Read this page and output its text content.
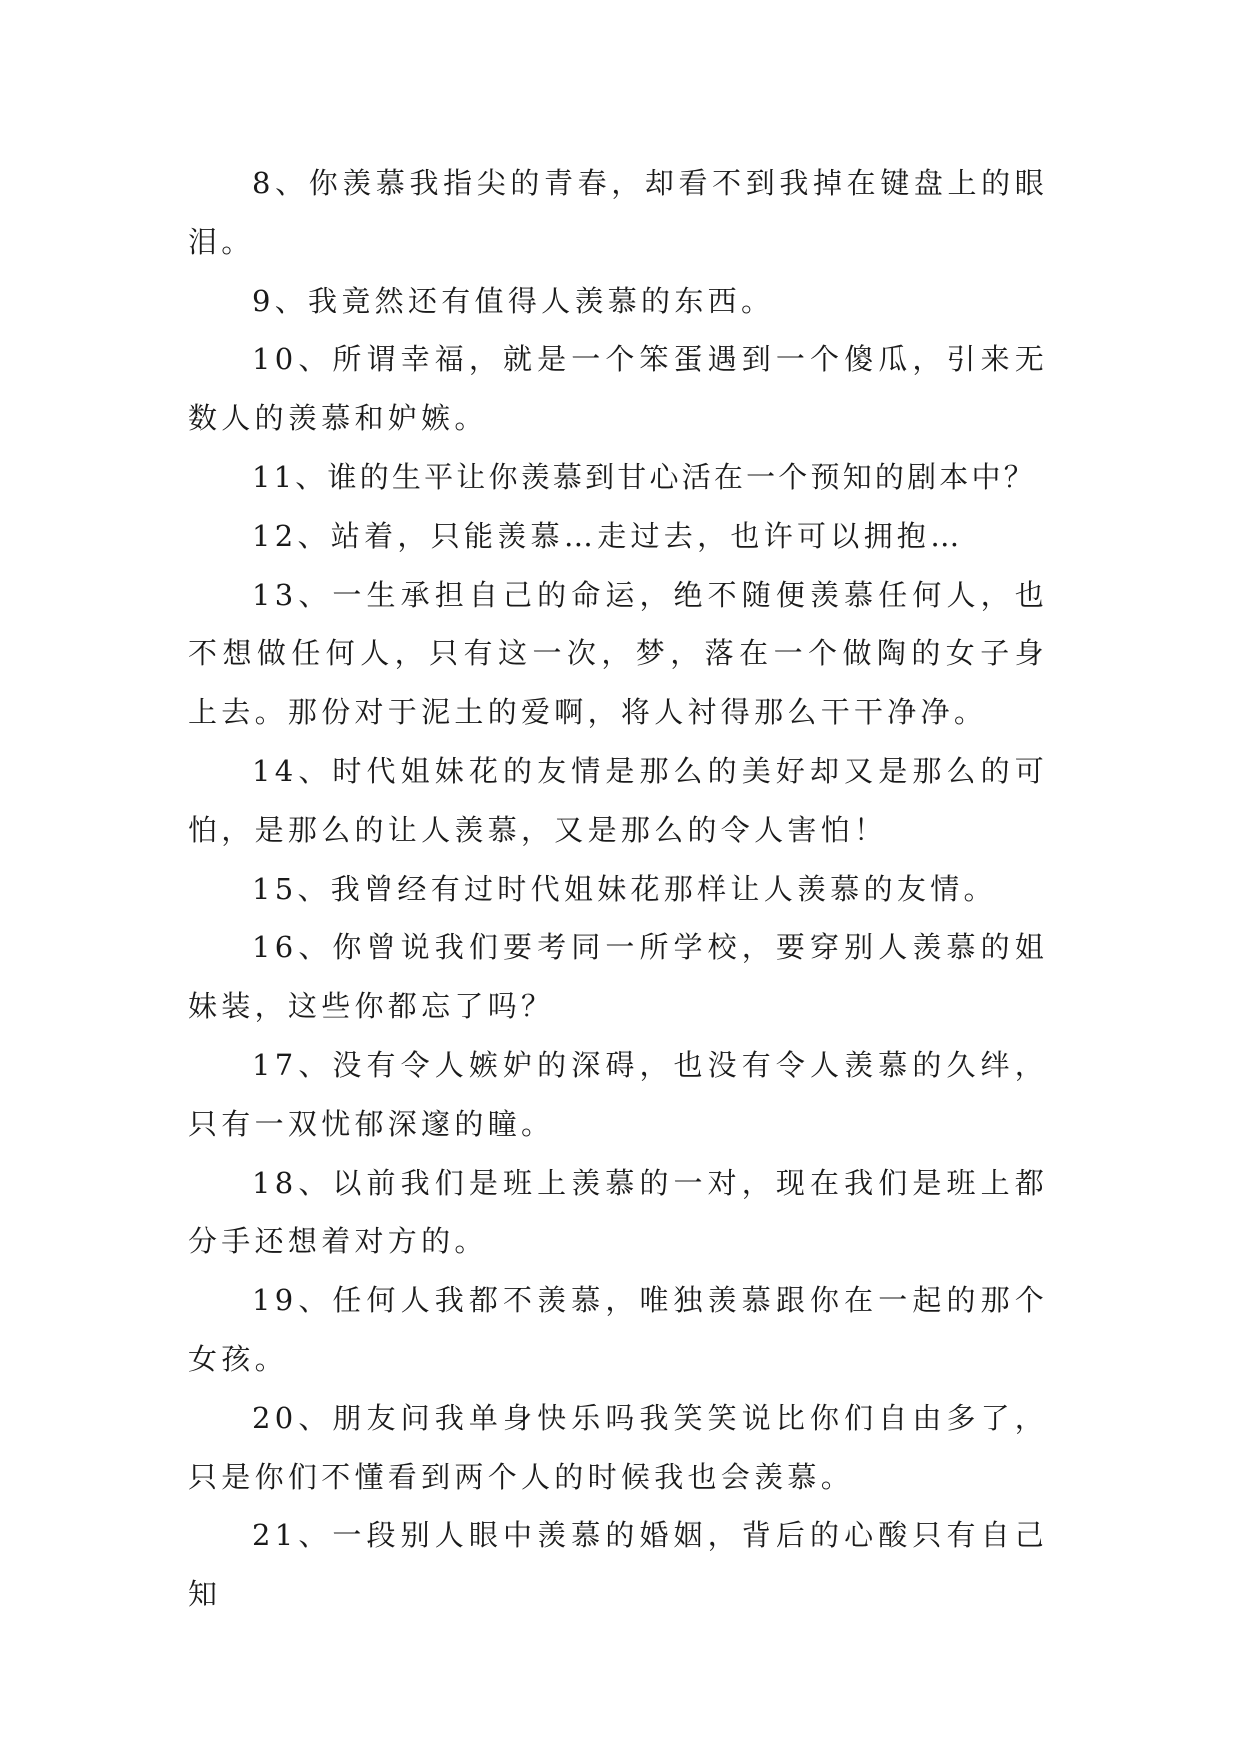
8、你羡慕我指尖的青春，却看不到我掉在键盘上的眼泪。

9、我竟然还有值得人羡慕的东西。

10、所谓幸福，就是一个笨蛋遇到一个傻瓜，引来无数人的羡慕和妒嫉。

11、谁的生平让你羡慕到甘心活在一个预知的剧本中？

12、站着，只能羡慕…走过去，也许可以拥抱…

13、一生承担自己的命运，绝不随便羡慕任何人，也不想做任何人，只有这一次，梦，落在一个做陶的女子身上去。那份对于泥土的爱啊，将人衬得那么干干净净。

14、时代姐妹花的友情是那么的美好却又是那么的可怕，是那么的让人羡慕，又是那么的令人害怕！

15、我曾经有过时代姐妹花那样让人羡慕的友情。

16、你曾说我们要考同一所学校，要穿别人羡慕的姐妹装，这些你都忘了吗？

17、没有令人嫉妒的深碍，也没有令人羡慕的久绊，只有一双忧郁深邃的瞳。

18、以前我们是班上羡慕的一对，现在我们是班上都分手还想着对方的。

19、任何人我都不羡慕，唯独羡慕跟你在一起的那个女孩。

20、朋友问我单身快乐吗我笑笑说比你们自由多了，只是你们不懂看到两个人的时候我也会羡慕。

21、一段别人眼中羡慕的婚姻，背后的心酸只有自己知
